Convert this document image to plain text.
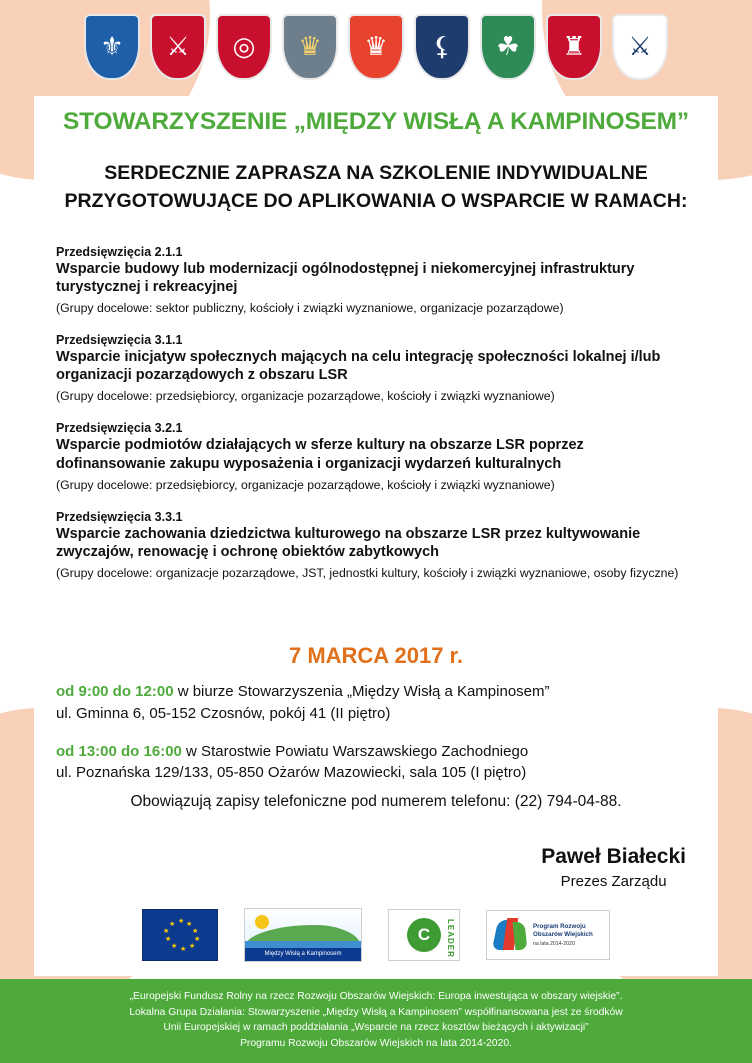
⚜ ⚔ ◎ ♛ ♛ ⚸ ☘ ♜ ⚔
STOWARZYSZENIE „MIĘDZY WISŁĄ A KAMPINOSEM”
SERDECZNIE ZAPRASZA NA SZKOLENIE INDYWIDUALNE
PRZYGOTOWUJĄCE DO APLIKOWANIA O WSPARCIE W RAMACH:

Przedsięwzięcia 2.1.1

Wsparcie budowy lub modernizacji ogólnodostępnej i niekomercyjnej infrastruktury turystycznej i rekreacyjnej

(Grupy docelowe: sektor publiczny, kościoły i związki wyznaniowe, organizacje pozarządowe)

Przedsięwzięcia 3.1.1

Wsparcie inicjatyw społecznych mających na celu integrację społeczności lokalnej i/lub organizacji pozarządowych z obszaru LSR

(Grupy docelowe: przedsiębiorcy, organizacje pozarządowe, kościoły i związki wyznaniowe)

Przedsięwzięcia 3.2.1

Wsparcie podmiotów działających w sferze kultury na obszarze LSR poprzez dofinansowanie zakupu wyposażenia i organizacji wydarzeń kulturalnych

(Grupy docelowe: przedsiębiorcy, organizacje pozarządowe, kościoły i związki wyznaniowe)

Przedsięwzięcia 3.3.1

Wsparcie zachowania dziedzictwa kulturowego na obszarze LSR przez kultywowanie zwyczajów, renowację i ochronę obiektów zabytkowych

(Grupy docelowe: organizacje pozarządowe, JST, jednostki kultury, kościoły i związki wyznaniowe, osoby fizyczne)

7 MARCA 2017 r.

od 9:00 do 12:00 w biurze Stowarzyszenia „Między Wisłą a Kampinosem”

ul. Gminna 6, 05-152 Czosnów, pokój 41 (II piętro)

od 13:00 do 16:00 w Starostwie Powiatu Warszawskiego Zachodniego

ul. Poznańska 129/133, 05-850 Ożarów Mazowiecki, sala 105 (I piętro)

Obowiązują zapisy telefoniczne pod numerem telefonu: (22) 794-04-88.

Paweł Białecki

Prezes Zarządu

★ ★
★
★
★
★
★
★
★
★
Między Wisłą a Kampinosem
C	LEADER	Program Rozwoju Obszarów Wiejskich
na lata 2014-2020

„Europejski Fundusz Rolny na rzecz Rozwoju Obszarów Wiejskich: Europa inwestująca w obszary wiejskie”.

Lokalna Grupa Działania: Stowarzyszenie „Między Wisłą a Kampinosem” współfinansowana jest ze środków

Unii Europejskiej w ramach poddziałania „Wsparcie na rzecz kosztów bieżących i aktywizacji”

Programu Rozwoju Obszarów Wiejskich na lata 2014-2020.
